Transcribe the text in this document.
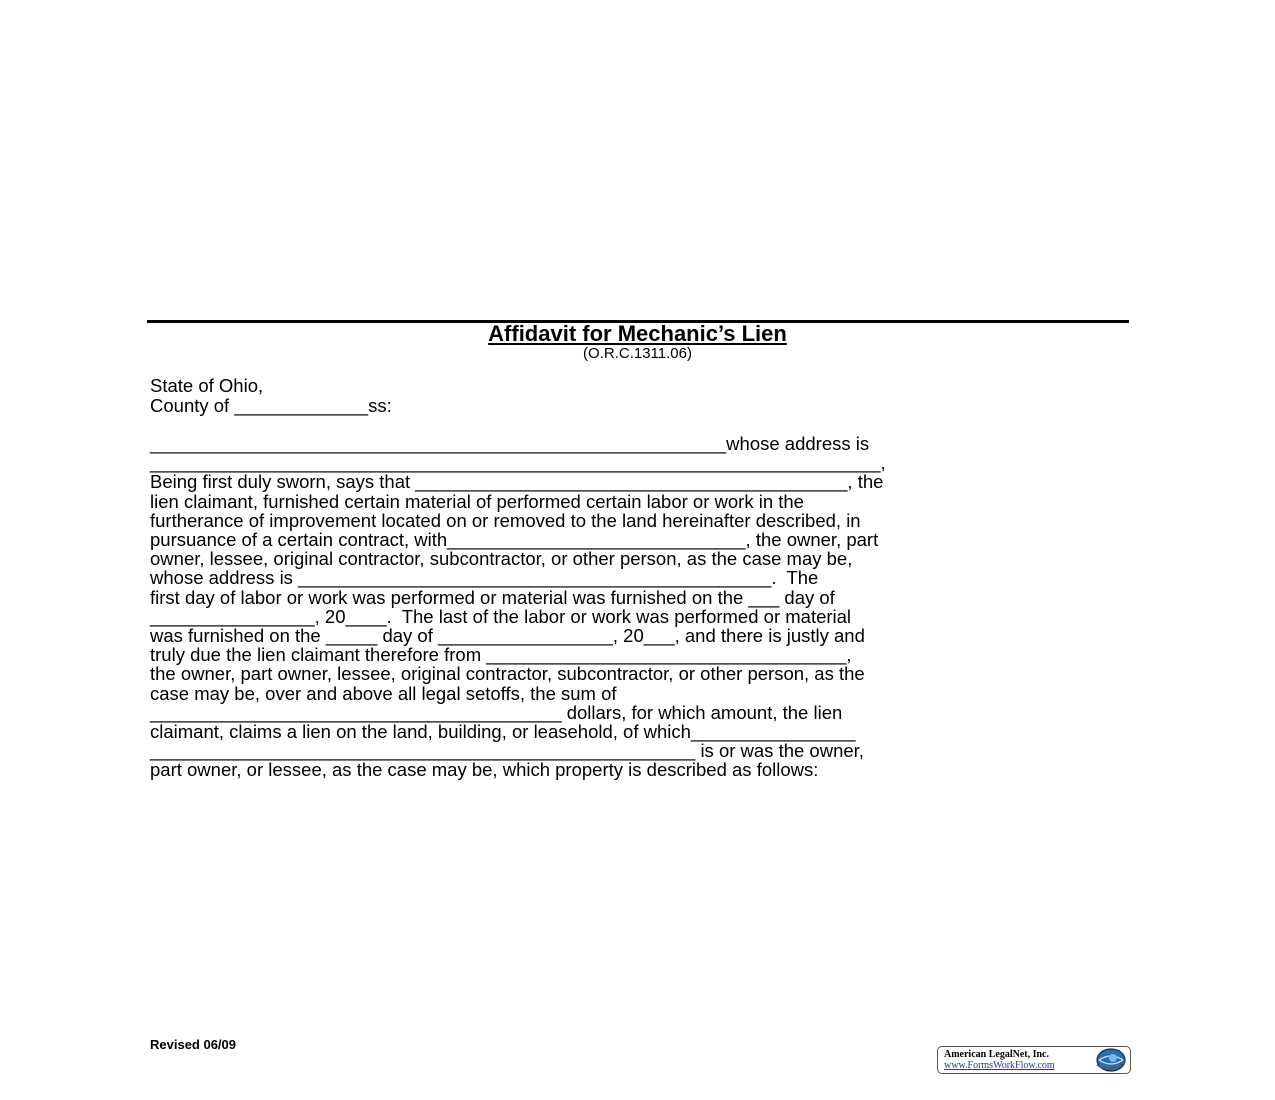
Affidavit for Mechanic’s Lien
(O.R.C.1311.06)
State of Ohio,
County of _____________ss:
________________________________________________________whose address is
_______________________________________________________________________,
Being first duly sworn, says that __________________________________________, the
lien claimant, furnished certain material of performed certain labor or work in the
furtherance of improvement located on or removed to the land hereinafter described, in
pursuance of a certain contract, with_____________________________, the owner, part
owner, lessee, original contractor, subcontractor, or other person, as the case may be,
whose address is ______________________________________________.  The
first day of labor or work was performed or material was furnished on the ___ day of
________________, 20____.  The last of the labor or work was performed or material
was furnished on the _____ day of _________________, 20___, and there is justly and
truly due the lien claimant therefore from ___________________________________,
the owner, part owner, lessee, original contractor, subcontractor, or other person, as the
case may be, over and above all legal setoffs, the sum of
________________________________________ dollars, for which amount, the lien
claimant, claims a lien on the land, building, or leasehold, of which________________
_____________________________________________________ is or was the owner,
part owner, or lessee, as the case may be, which property is described as follows:
Revised 06/09
American LegalNet, Inc.
www.FormsWorkFlow.com
